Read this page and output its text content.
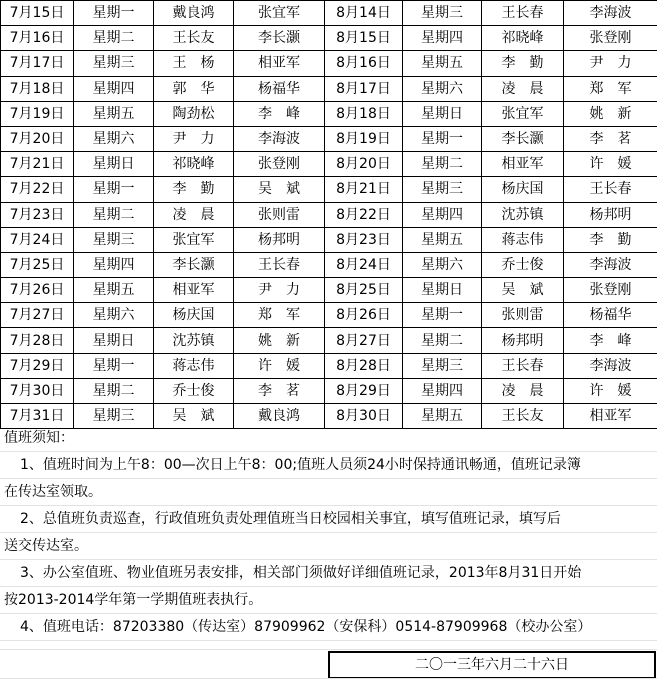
7月15日	星期一	戴良鸿	张宜军	8月14日	星期三	王长春	李海波
7月16日	星期二	王长友	李长灏	8月15日	星期四	祁晓峰	张登刚
7月17日	星期三	王　杨	相亚军	8月16日	星期五	李　勤	尹　力
7月18日	星期四	郭　华	杨福华	8月17日	星期六	凌　晨	郑　军
7月19日	星期五	陶劲松	李　峰	8月18日	星期日	张宜军	姚　新
7月20日	星期六	尹　力	李海波	8月19日	星期一	李长灏	李　茗
7月21日	星期日	祁晓峰	张登刚	8月20日	星期二	相亚军	许　媛
7月22日	星期一	李　勤	吴　斌	8月21日	星期三	杨庆国	王长春
7月23日	星期二	凌　晨	张则雷	8月22日	星期四	沈苏镇	杨邦明
7月24日	星期三	张宜军	杨邦明	8月23日	星期五	蒋志伟	李　勤
7月25日	星期四	李长灏	王长春	8月24日	星期六	乔士俊	李海波
7月26日	星期五	相亚军	尹　力	8月25日	星期日	吴　斌	张登刚
7月27日	星期六	杨庆国	郑　军	8月26日	星期一	张则雷	杨福华
7月28日	星期日	沈苏镇	姚　新	8月27日	星期二	杨邦明	李　峰
7月29日	星期一	蒋志伟	许　媛	8月28日	星期三	王长春	李海波
7月30日	星期二	乔士俊	李　茗	8月29日	星期四	凌　晨	许　媛
7月31日	星期三	吴　斌	戴良鸿	8月30日	星期五	王长友	相亚军
值班须知：
1、值班时间为上午8：00—次日上午8：00;值班人员须24小时保持通讯畅通，值班记录簿
在传达室领取。
2、总值班负责巡查，行政值班负责处理值班当日校园相关事宜，填写值班记录，填写后
送交传达室。
3、办公室值班、物业值班另表安排，相关部门须做好详细值班记录，2013年8月31日开始
按2013-2014学年第一学期值班表执行。
4、值班电话：87203380（传达室）87909962（安保科）0514-87909968（校办公室）
二〇一三年六月二十六日
